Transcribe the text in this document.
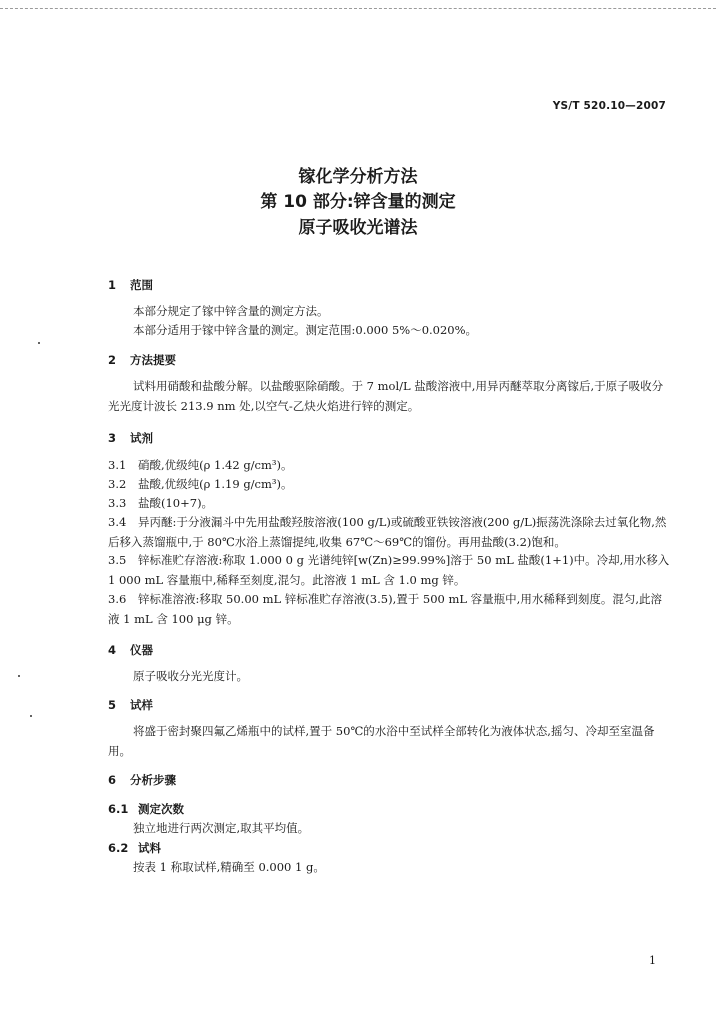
YS/T 520.10—2007
镓化学分析方法
第 10 部分:锌含量的测定
原子吸收光谱法
1 范围
本部分规定了镓中锌含量的测定方法。
本部分适用于镓中锌含量的测定。测定范围:0.000 5%～0.020%。
2 方法提要
试料用硝酸和盐酸分解。以盐酸驱除硝酸。于 7 mol/L 盐酸溶液中,用异丙醚萃取分离镓后,于原子吸收分光光度计波长 213.9 nm 处,以空气-乙炔火焰进行锌的测定。
3 试剂
3.1 硝酸,优级纯(ρ 1.42 g/cm³)。
3.2 盐酸,优级纯(ρ 1.19 g/cm³)。
3.3 盐酸(10+7)。
3.4 异丙醚:于分液漏斗中先用盐酸羟胺溶液(100 g/L)或硫酸亚铁铵溶液(200 g/L)振荡洗涤除去过氧化物,然后移入蒸馏瓶中,于 80℃水浴上蒸馏提纯,收集 67℃～69℃的馏份。再用盐酸(3.2)饱和。
3.5 锌标准贮存溶液:称取 1.000 0 g 光谱纯锌[w(Zn)≥99.99%]溶于 50 mL 盐酸(1+1)中。冷却,用水移入 1 000 mL 容量瓶中,稀释至刻度,混匀。此溶液 1 mL 含 1.0 mg 锌。
3.6 锌标准溶液:移取 50.00 mL 锌标准贮存溶液(3.5),置于 500 mL 容量瓶中,用水稀释到刻度。混匀,此溶液 1 mL 含 100 μg 锌。
4 仪器
原子吸收分光光度计。
5 试样
将盛于密封聚四氟乙烯瓶中的试样,置于 50℃的水浴中至试样全部转化为液体状态,摇匀、冷却至室温备用。
6 分析步骤
6.1 测定次数
独立地进行两次测定,取其平均值。
6.2 试料
按表 1 称取试样,精确至 0.000 1 g。
1
